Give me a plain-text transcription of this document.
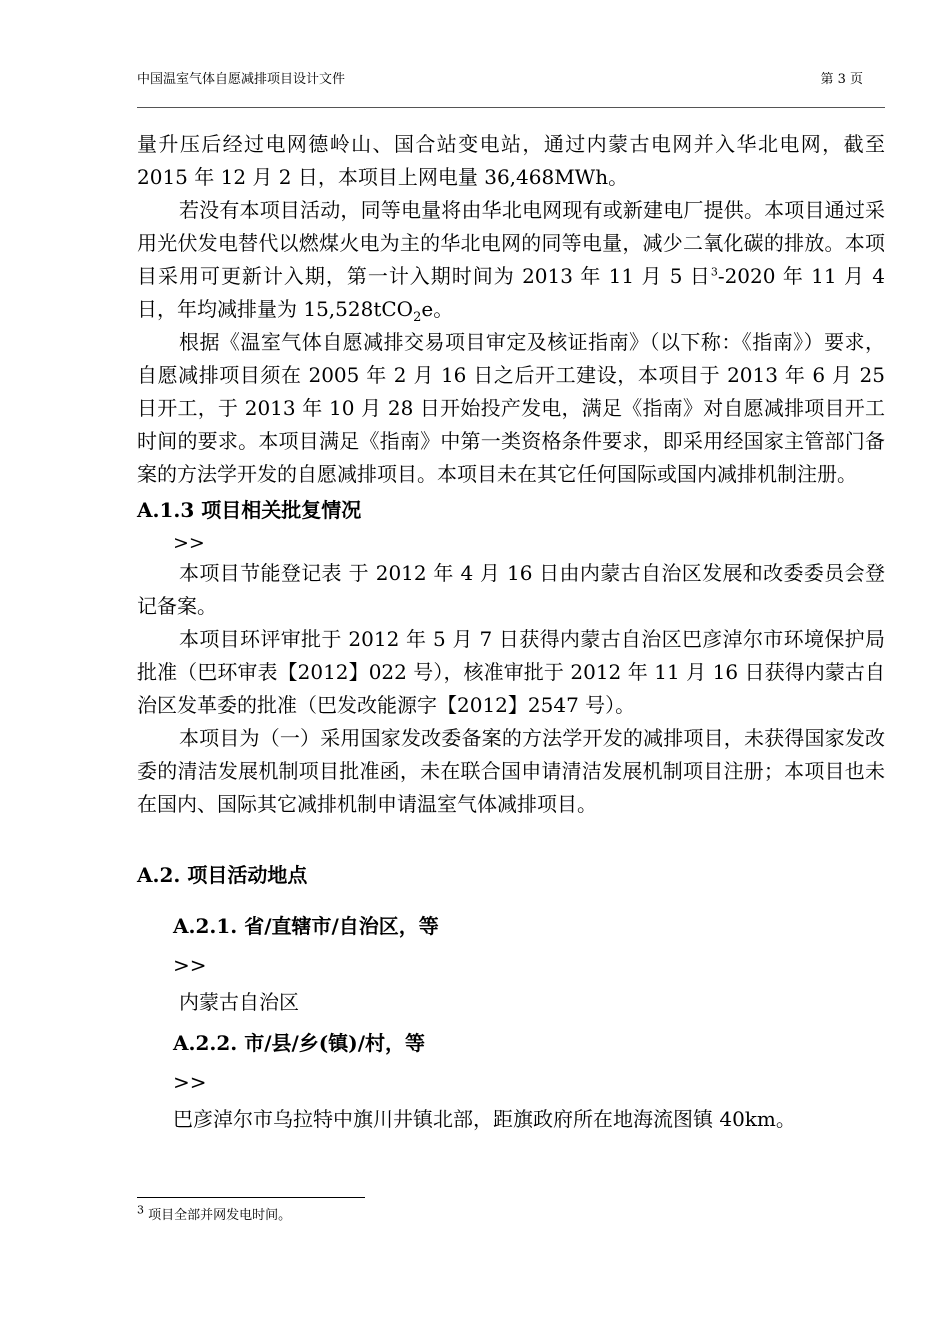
中国温室气体自愿减排项目设计文件	第 3 页

量升压后经过电网德岭山、国合站变电站，通过内蒙古电网并入华北电网，截至 2015 年 12 月 2 日，本项目上网电量 36,468MWh。

若没有本项目活动，同等电量将由华北电网现有或新建电厂提供。本项目通过采用光伏发电替代以燃煤火电为主的华北电网的同等电量，减少二氧化碳的排放。本项目采用可更新计入期，第一计入期时间为 2013 年 11 月 5 日$^3$-2020 年 11 月 4 日，年均减排量为 15,528tCO$_2$e。

根据《温室气体自愿减排交易项目审定及核证指南》（以下称：《指南》）要求，自愿减排项目须在 2005 年 2 月 16 日之后开工建设，本项目于 2013 年 6 月 25 日开工，于 2013 年 10 月 28 日开始投产发电，满足《指南》对自愿减排项目开工时间的要求。本项目满足《指南》中第一类资格条件要求，即采用经国家主管部门备案的方法学开发的自愿减排项目。本项目未在其它任何国际或国内减排机制注册。

A.1.3 项目相关批复情况
>>

本项目节能登记表 于 2012 年 4 月 16 日由内蒙古自治区发展和改委委员会登记备案。

本项目环评审批于 2012 年 5 月 7 日获得内蒙古自治区巴彦淖尔市环境保护局批准（巴环审表【2012】022 号），核准审批于 2012 年 11 月 16 日获得内蒙古自治区发革委的批准（巴发改能源字【2012】2547 号）。

本项目为（一）采用国家发改委备案的方法学开发的减排项目，未获得国家发改委的清洁发展机制项目批准函，未在联合国申请清洁发展机制项目注册；本项目也未在国内、国际其它减排机制申请温室气体减排项目。

A.2. 项目活动地点
A.2.1. 省/直辖市/自治区，等
>>
内蒙古自治区
A.2.2. 市/县/乡(镇)/村，等
>>
巴彦淖尔市乌拉特中旗川井镇北部，距旗政府所在地海流图镇 40km。
$^3$ 项目全部并网发电时间。
